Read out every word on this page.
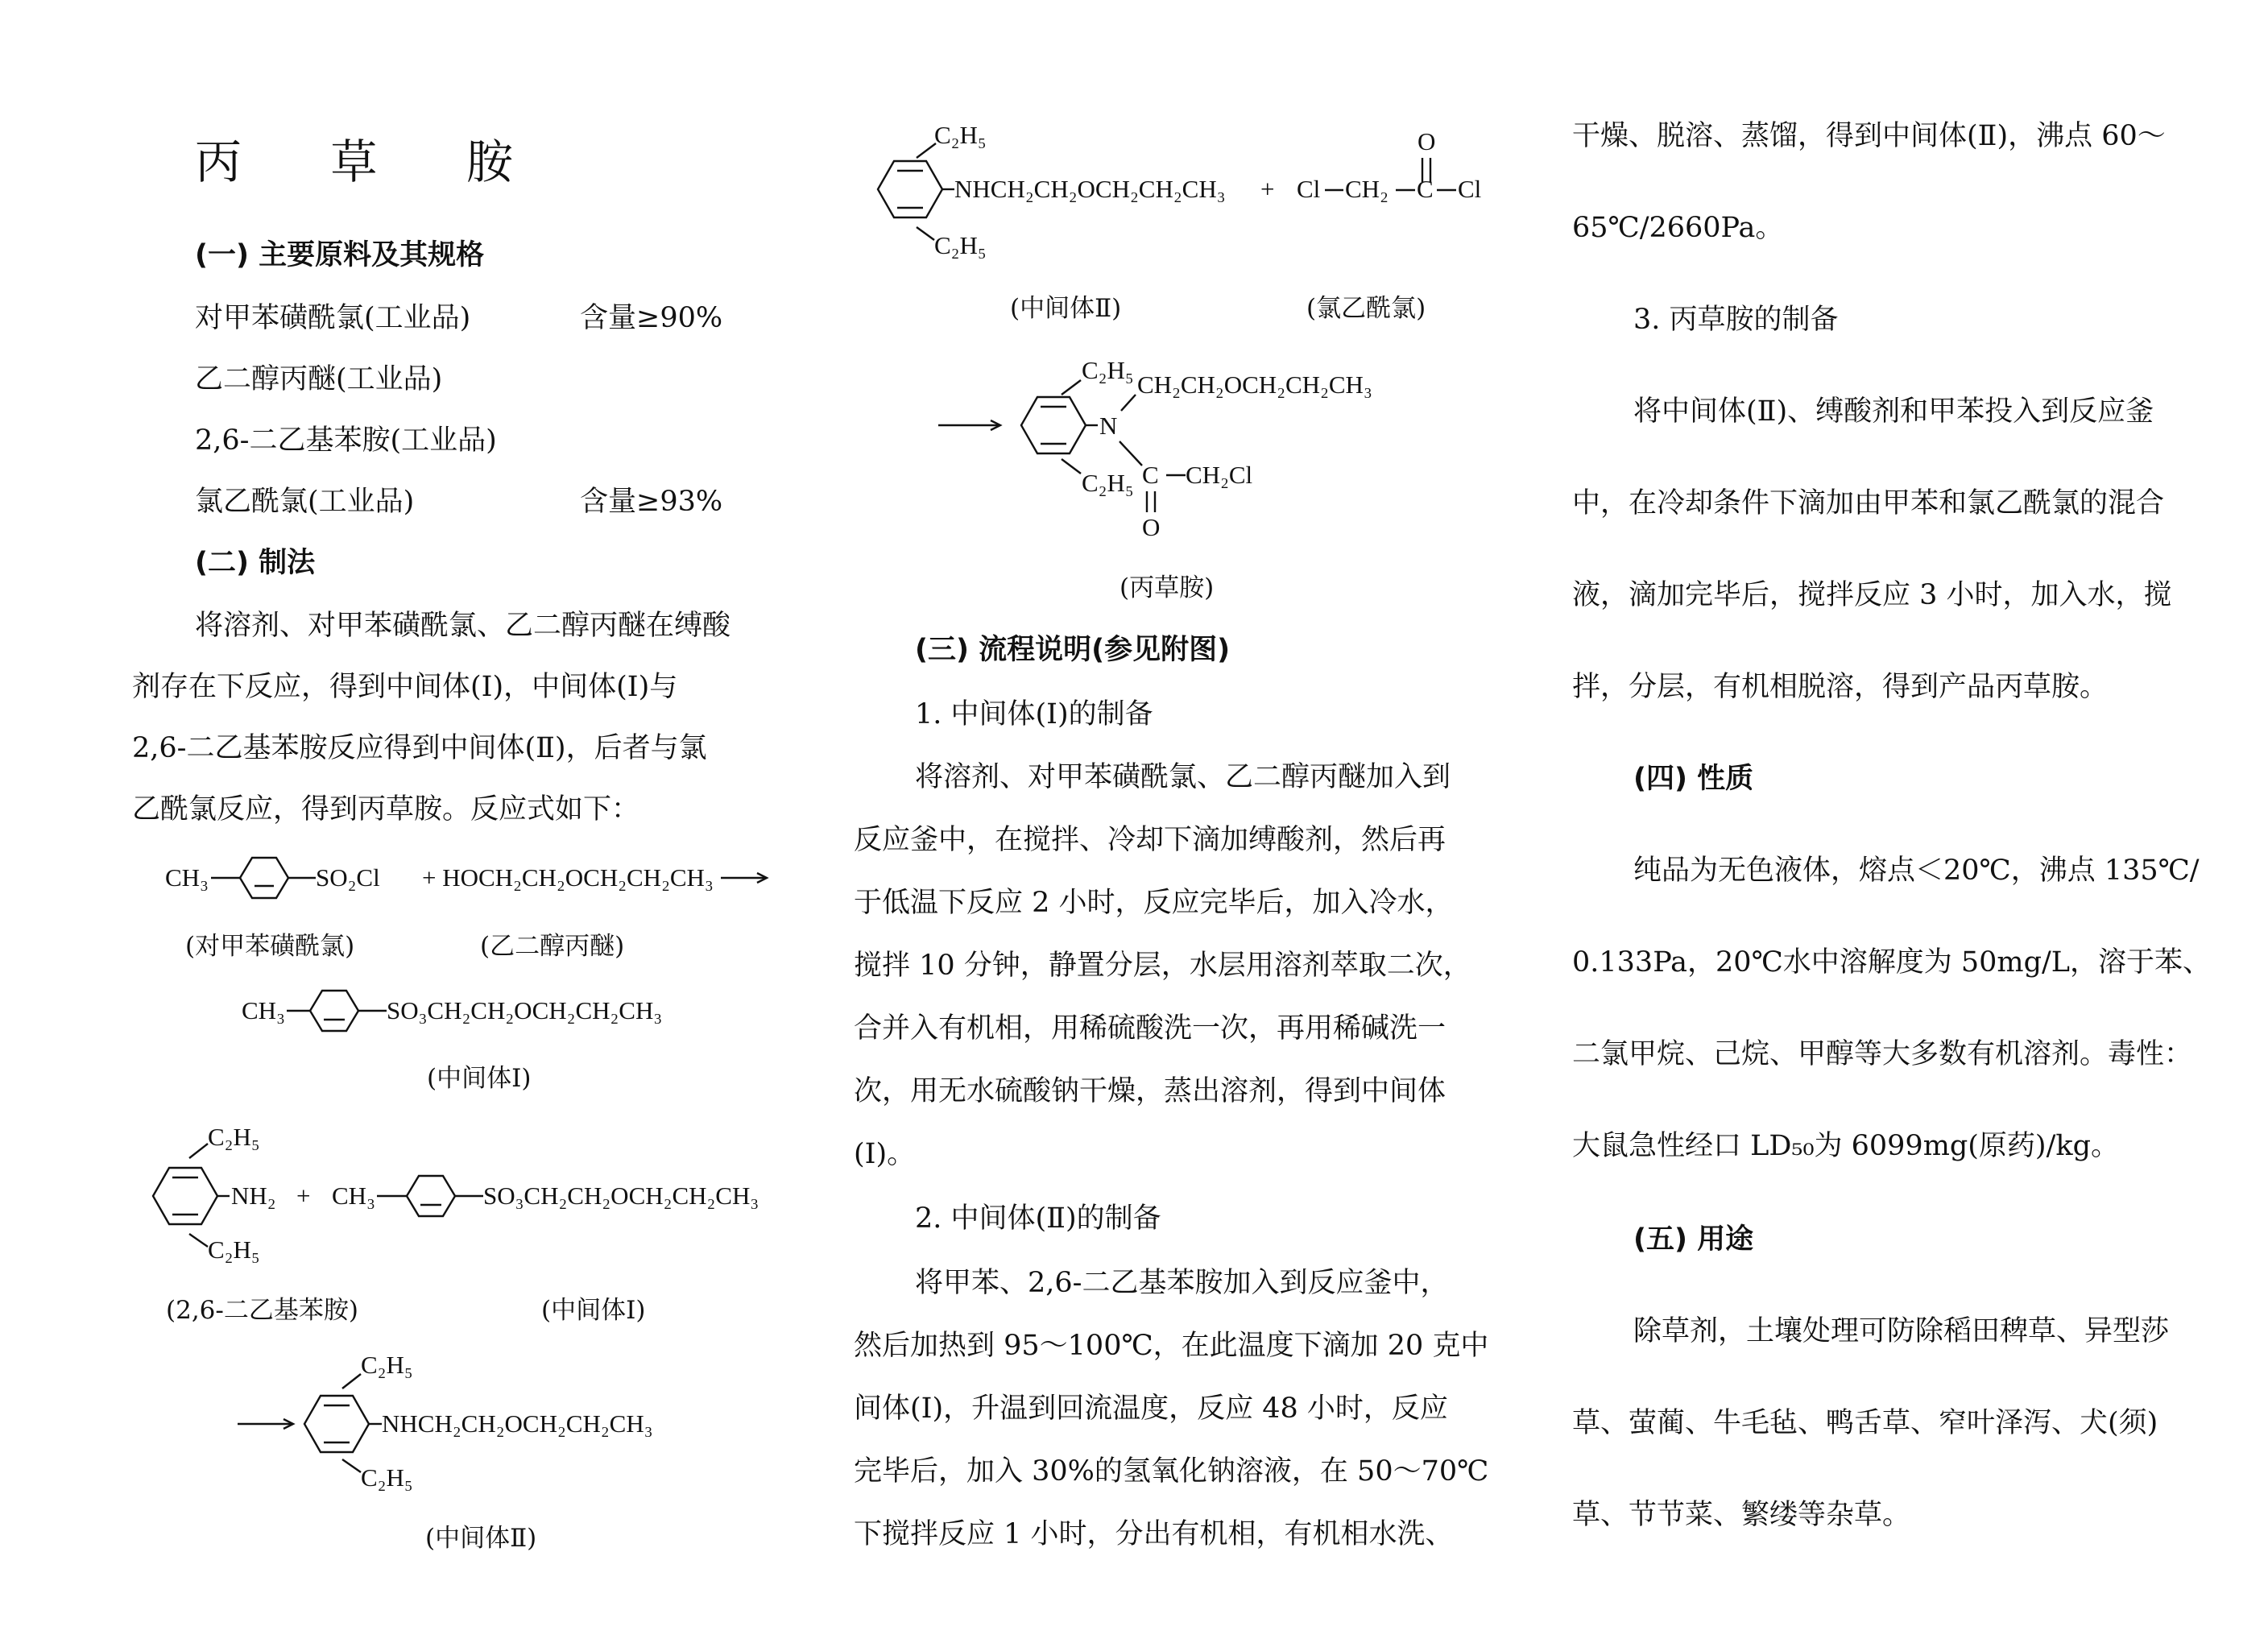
丙 草 胺
(一) 主要原料及其规格
对甲苯磺酰氯(工业品)	含量≥90%
乙二醇丙醚(工业品)
2,6-二乙基苯胺(工业品)
氯乙酰氯(工业品)	含量≥93%
(二) 制法
将溶剂、对甲苯磺酰氯、乙二醇丙醚在缚酸
剂存在下反应，得到中间体(Ⅰ)，中间体(Ⅰ)与
2,6-二乙基苯胺反应得到中间体(Ⅱ)，后者与氯
乙酰氯反应，得到丙草胺。反应式如下：
CH₃	SO₂Cl + HOCH₂CH₂OCH₂CH₂CH₃
CH₃	SO₃CH₂CH₂OCH₂CH₂CH₃
C₂H₅
NH₂
C₂H₅
+ CH₃	SO₃CH₂CH₂OCH₂CH₂CH₃
C₂H₅
NHCH₂CH₂OCH₂CH₂CH₃
C₂H₅
C₂H₅
NHCH₂CH₂OCH₂CH₂CH₃
C₂H₅
+
O
Cl CH₂ C Cl
C₂H₅
N
CH₂CH₂OCH₂CH₂CH₃
C₂H₅ C CH₂Cl
O
(对甲苯磺酰氯)	(乙二醇丙醚)
(中间体Ⅰ)
(2,6-二乙基苯胺)	(中间体Ⅰ)
(中间体Ⅱ)
(中间体Ⅱ)	(氯乙酰氯)
(丙草胺)
(三) 流程说明(参见附图)
1. 中间体(Ⅰ)的制备
将溶剂、对甲苯磺酰氯、乙二醇丙醚加入到
反应釜中，在搅拌、冷却下滴加缚酸剂，然后再
于低温下反应 2 小时，反应完毕后，加入冷水，
搅拌 10 分钟，静置分层，水层用溶剂萃取二次，
合并入有机相，用稀硫酸洗一次，再用稀碱洗一
次，用无水硫酸钠干燥，蒸出溶剂，得到中间体
(Ⅰ)。
2. 中间体(Ⅱ)的制备
将甲苯、2,6-二乙基苯胺加入到反应釜中，
然后加热到 95～100℃，在此温度下滴加 20 克中
间体(Ⅰ)，升温到回流温度，反应 48 小时，反应
完毕后，加入 30%的氢氧化钠溶液，在 50～70℃
下搅拌反应 1 小时，分出有机相，有机相水洗、
干燥、脱溶、蒸馏，得到中间体(Ⅱ)，沸点 60～
65℃/2660Pa。
3. 丙草胺的制备
将中间体(Ⅱ)、缚酸剂和甲苯投入到反应釜
中，在冷却条件下滴加由甲苯和氯乙酰氯的混合
液，滴加完毕后，搅拌反应 3 小时，加入水，搅
拌，分层，有机相脱溶，得到产品丙草胺。
(四) 性质
纯品为无色液体，熔点＜20℃，沸点 135℃/
0.133Pa，20℃水中溶解度为 50mg/L，溶于苯、
二氯甲烷、己烷、甲醇等大多数有机溶剂。毒性：
大鼠急性经口 LD₅₀为 6099mg(原药)/kg。
(五) 用途
除草剂，土壤处理可防除稻田稗草、异型莎
草、萤蔺、牛毛毡、鸭舌草、窄叶泽泻、犬(须)
草、节节菜、繁缕等杂草。
